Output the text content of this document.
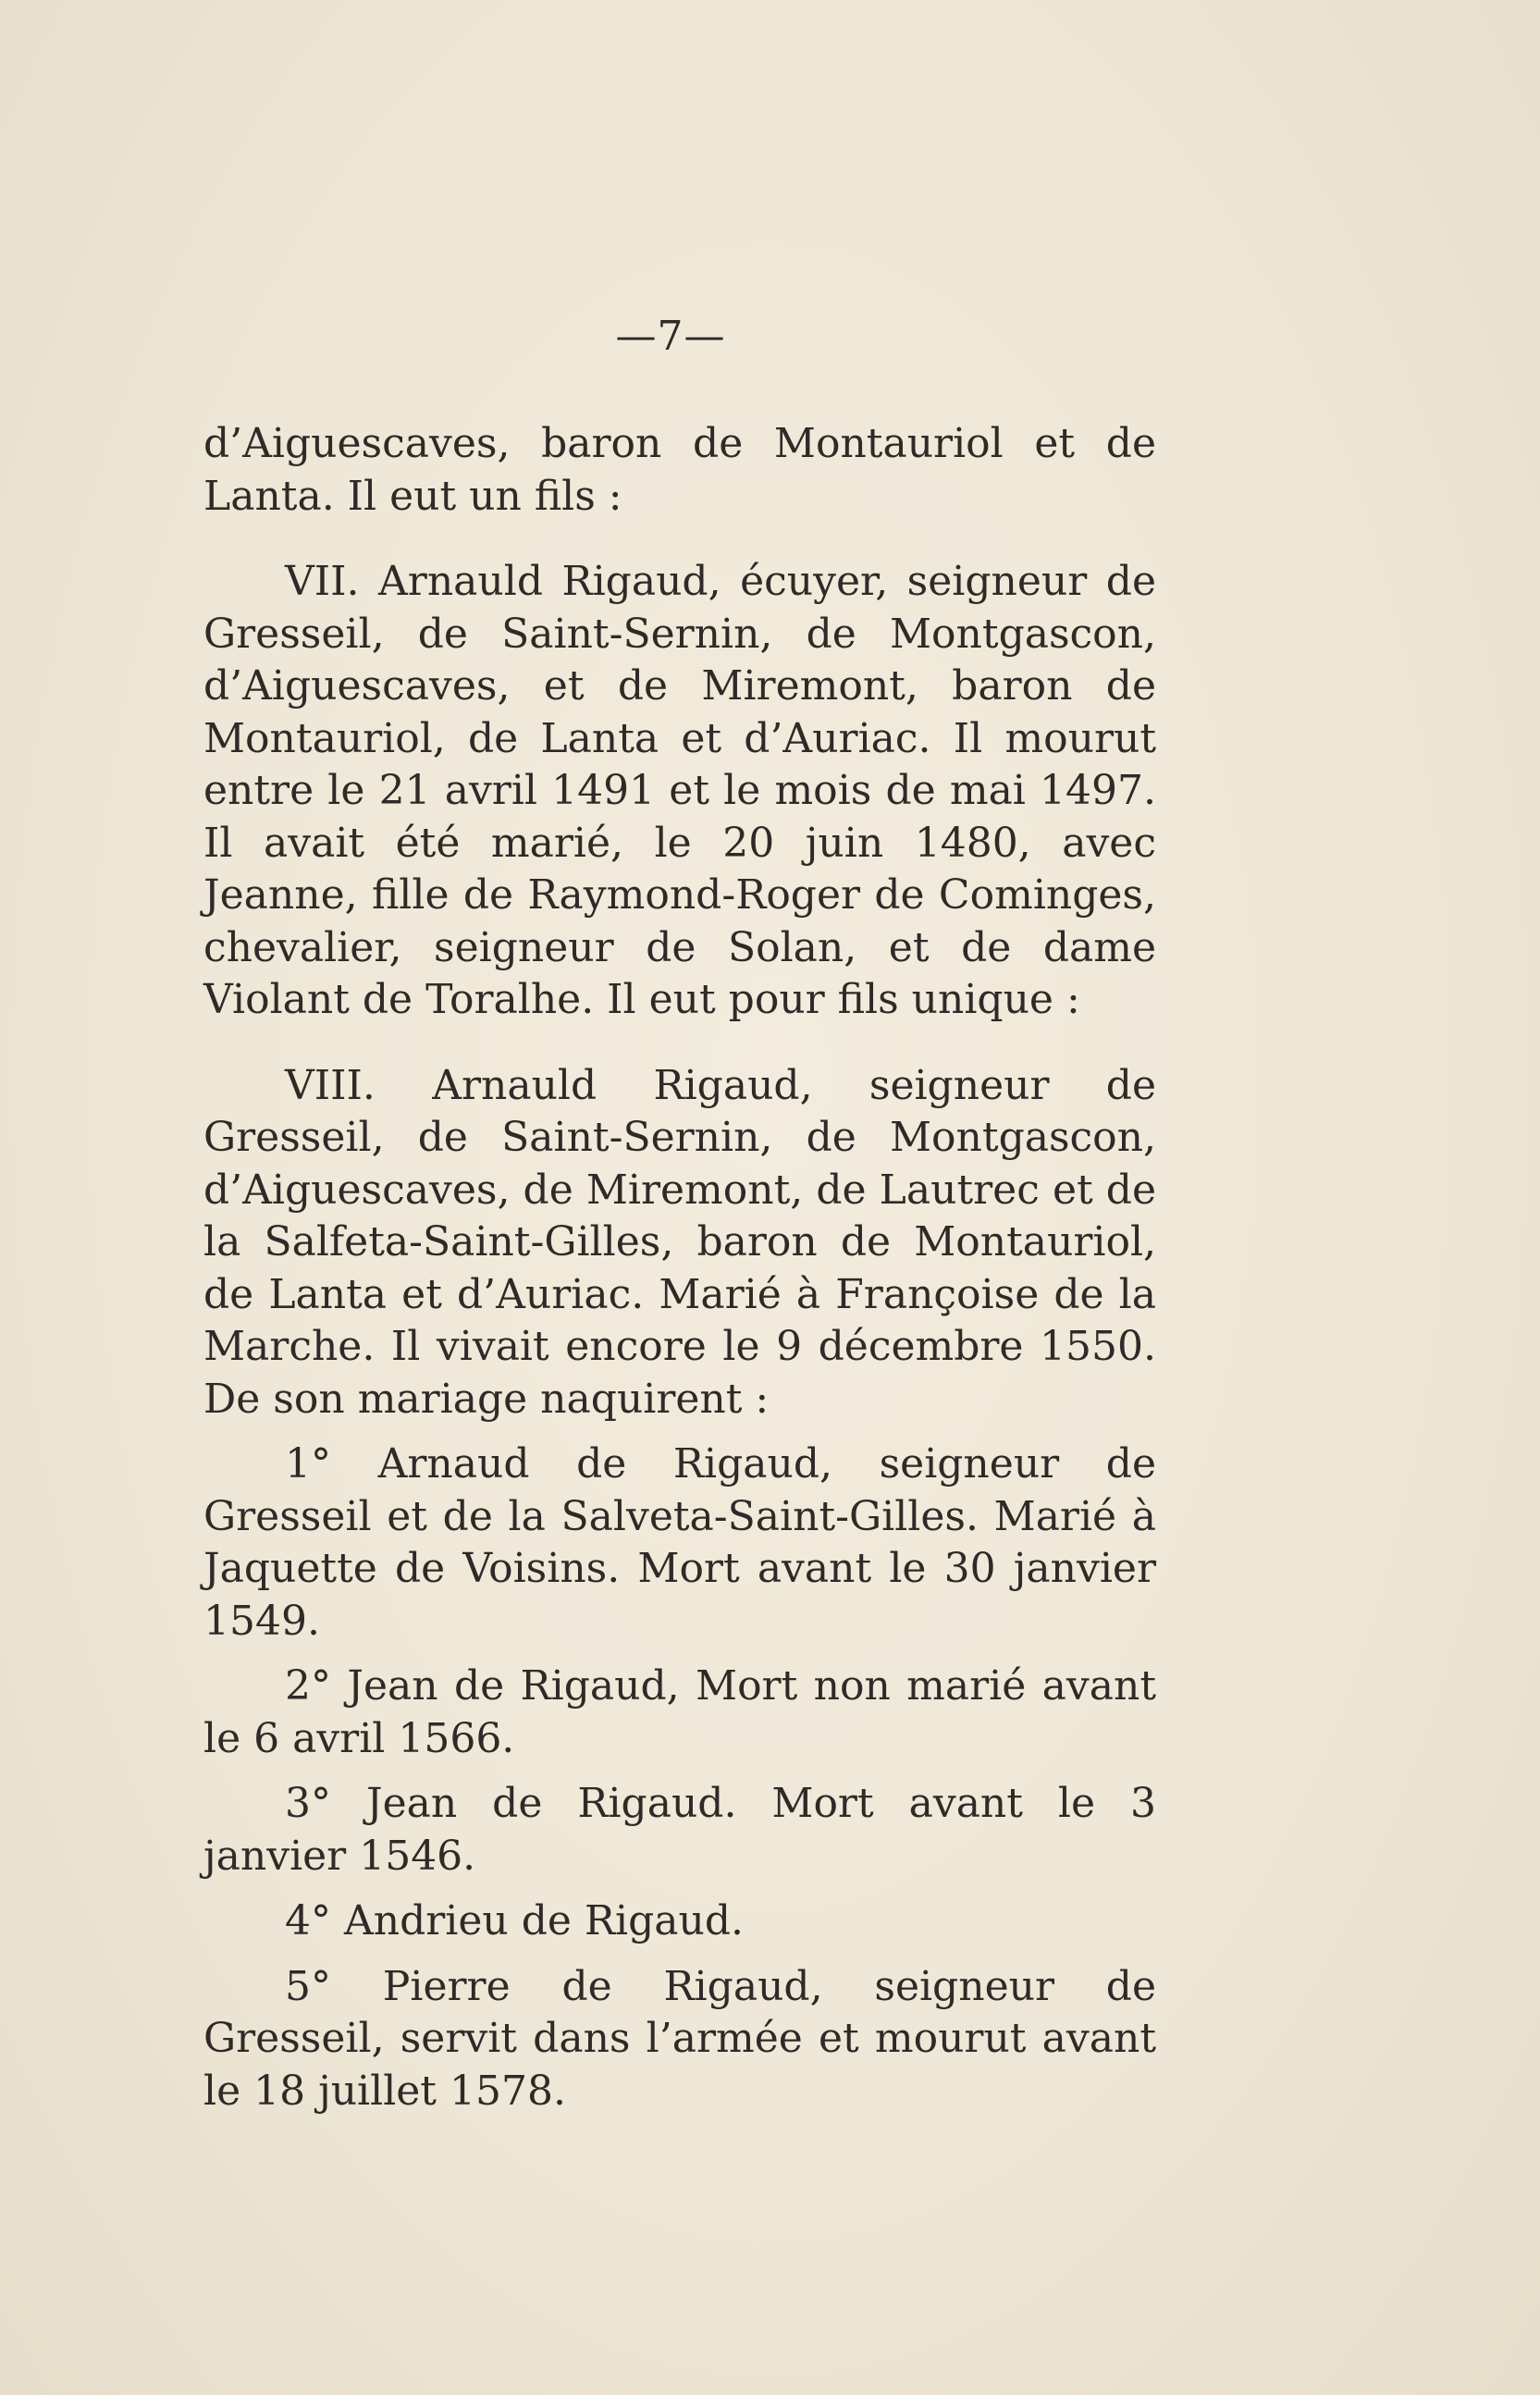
—7—

d’Aiguescaves, baron de Montauriol et de Lanta. Il eut un fils :

VII. Arnauld Rigaud, écuyer, seigneur de Gresseil, de Saint-Sernin, de Montgascon, d’Aiguescaves, et de Miremont, baron de Montauriol, de Lanta et d’Auriac. Il mourut entre le 21 avril 1491 et le mois de mai 1497. Il avait été marié, le 20 juin 1480, avec Jeanne, fille de Raymond-Roger de Cominges, chevalier, seigneur de Solan, et de dame Violant de Toralhe. Il eut pour fils unique :

VIII. Arnauld Rigaud, seigneur de Gresseil, de Saint-Sernin, de Montgascon, d’Aiguescaves, de Miremont, de Lautrec et de la Salfeta-Saint-Gilles, baron de Montauriol, de Lanta et d’Auriac. Marié à Françoise de la Marche. Il vivait encore le 9 décembre 1550. De son mariage naquirent :

1° Arnaud de Rigaud, seigneur de Gresseil et de la Salveta-Saint-Gilles. Marié à Jaquette de Voisins. Mort avant le 30 janvier 1549.

2° Jean de Rigaud, Mort non marié avant le 6 avril 1566.

3° Jean de Rigaud. Mort avant le 3 janvier 1546.

4° Andrieu de Rigaud.

5° Pierre de Rigaud, seigneur de Gresseil, servit dans l’armée et mourut avant le 18 juillet 1578.
